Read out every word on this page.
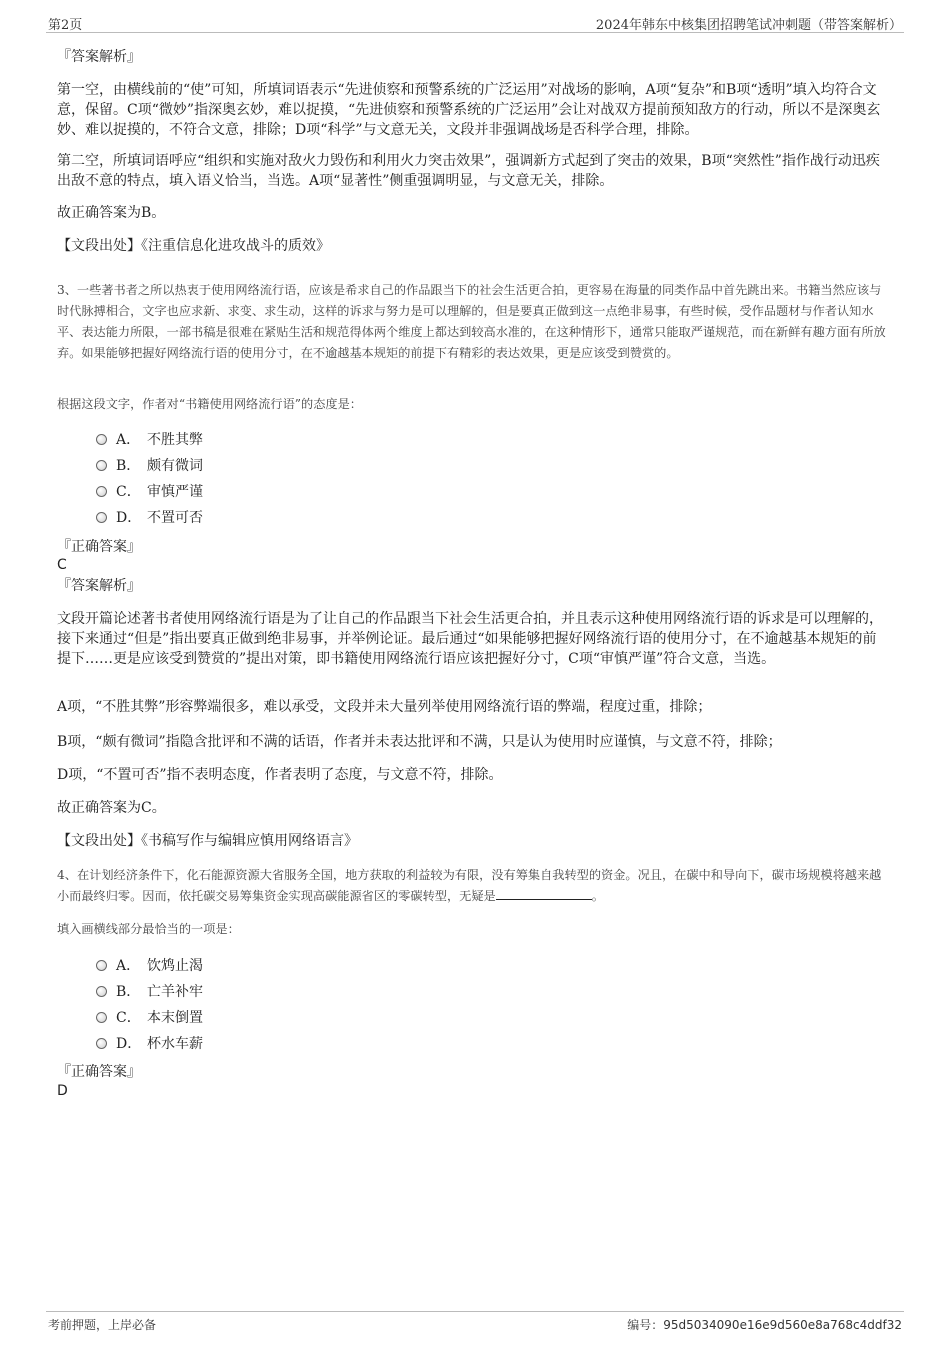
第2页	2024年韩东中核集团招聘笔试冲刺题（带答案解析）
『答案解析』
第一空，由横线前的“使”可知，所填词语表示“先进侦察和预警系统的广泛运用”对战场的影响，A项“复杂”和B项“透明”填入均符合文意，保留。C项“微妙”指深奥玄妙，难以捉摸，“先进侦察和预警系统的广泛运用”会让对战双方提前预知敌方的行动，所以不是深奥玄妙、难以捉摸的，不符合文意，排除；D项“科学”与文意无关，文段并非强调战场是否科学合理，排除。
第二空，所填词语呼应“组织和实施对敌火力毁伤和利用火力突击效果”，强调新方式起到了突击的效果，B项“突然性”指作战行动迅疾出敌不意的特点，填入语义恰当，当选。A项“显著性”侧重强调明显，与文意无关，排除。
故正确答案为B。
【文段出处】《注重信息化进攻战斗的质效》
3、一些著书者之所以热衷于使用网络流行语，应该是希求自己的作品跟当下的社会生活更合拍，更容易在海量的同类作品中首先跳出来。书籍当然应该与时代脉搏相合，文字也应求新、求变、求生动，这样的诉求与努力是可以理解的，但是要真正做到这一点绝非易事，有些时候，受作品题材与作者认知水平、表达能力所限，一部书稿是很难在紧贴生活和规范得体两个维度上都达到较高水准的，在这种情形下，通常只能取严谨规范，而在新鲜有趣方面有所放弃。如果能够把握好网络流行语的使用分寸，在不逾越基本规矩的前提下有精彩的表达效果，更是应该受到赞赏的。
根据这段文字，作者对“书籍使用网络流行语”的态度是：
A． 不胜其弊
B． 颇有微词
C． 审慎严谨
D． 不置可否
『正确答案』
C
『答案解析』
文段开篇论述著书者使用网络流行语是为了让自己的作品跟当下社会生活更合拍，并且表示这种使用网络流行语的诉求是可以理解的，接下来通过“但是”指出要真正做到绝非易事，并举例论证。最后通过“如果能够把握好网络流行语的使用分寸，在不逾越基本规矩的前提下……更是应该受到赞赏的”提出对策，即书籍使用网络流行语应该把握好分寸，C项“审慎严谨”符合文意，当选。
A项，“不胜其弊”形容弊端很多，难以承受，文段并未大量列举使用网络流行语的弊端，程度过重，排除；
B项，“颇有微词”指隐含批评和不满的话语，作者并未表达批评和不满，只是认为使用时应谨慎，与文意不符，排除；
D项，“不置可否”指不表明态度，作者表明了态度，与文意不符，排除。
故正确答案为C。
【文段出处】《书稿写作与编辑应慎用网络语言》
4、在计划经济条件下，化石能源资源大省服务全国，地方获取的利益较为有限，没有筹集自我转型的资金。况且，在碳中和导向下，碳市场规模将越来越小而最终归零。因而，依托碳交易筹集资金实现高碳能源省区的零碳转型，无疑是	。
填入画横线部分最恰当的一项是：
A． 饮鸩止渴
B． 亡羊补牢
C． 本末倒置
D． 杯水车薪
『正确答案』
D
考前押题，上岸必备	编号：95d5034090e16e9d560e8a768c4ddf32
